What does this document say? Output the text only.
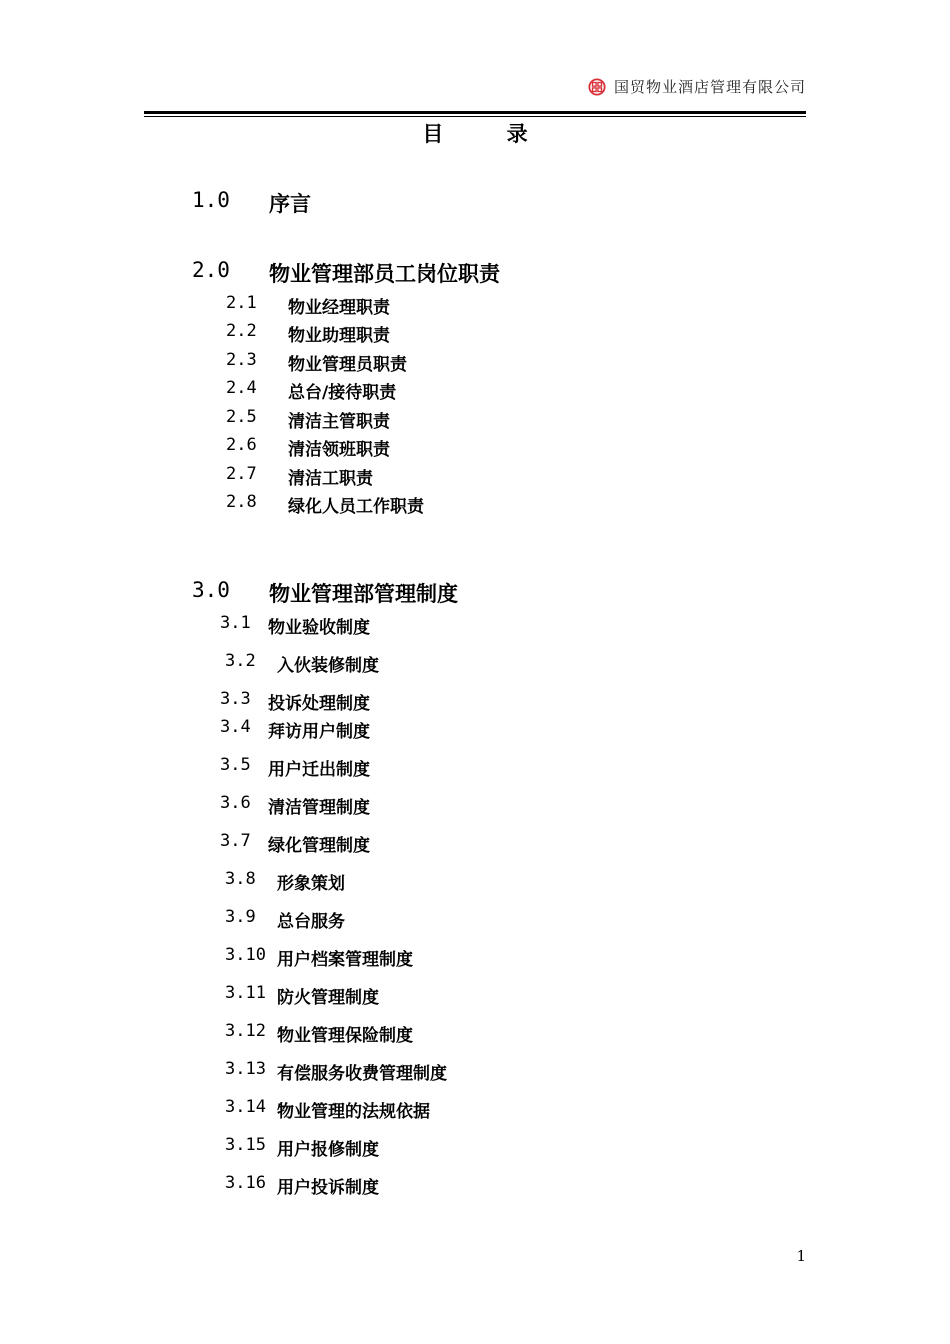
国贸物业酒店管理有限公司
目 录
1.0	序言
2.0	物业管理部员工岗位职责
2.1	物业经理职责
2.2	物业助理职责
2.3	物业管理员职责
2.4	总台/接待职责
2.5	清洁主管职责
2.6	清洁领班职责
2.7	清洁工职责
2.8	绿化人员工作职责
3.0	物业管理部管理制度
3.1	物业验收制度
3.2	入伙装修制度
3.3	投诉处理制度
3.4	拜访用户制度
3.5	用户迁出制度
3.6	清洁管理制度
3.7	绿化管理制度
3.8	形象策划
3.9	总台服务
3.10 用户档案管理制度
3.11 防火管理制度
3.12 物业管理保险制度
3.13 有偿服务收费管理制度
3.14 物业管理的法规依据
3.15 用户报修制度
3.16 用户投诉制度
1
